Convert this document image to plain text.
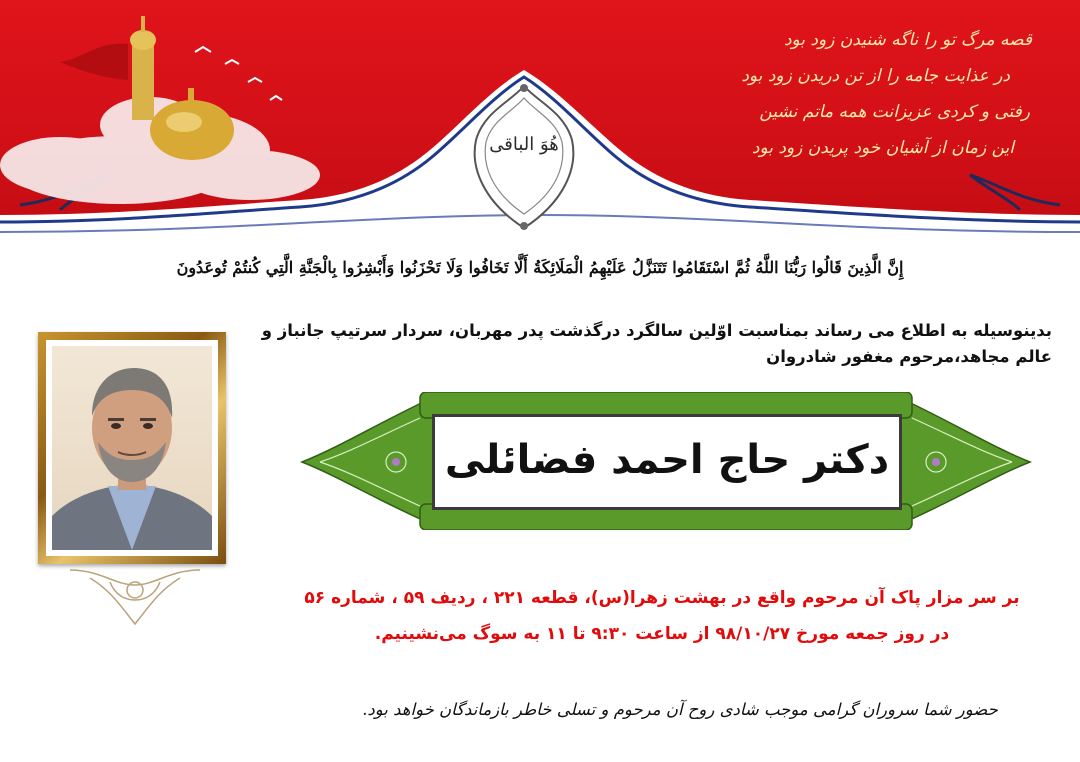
قصه مرگ تو را ناگه شنیدن زود بود
در عذایت جامه را از تن دریدن زود بود
رفتی و کردی عزیزانت همه ماتم نشین
این زمان از آشیان خود پریدن زود بود
هُوَ الباقی
إِنَّ الَّذِينَ قَالُوا رَبُّنَا اللَّهُ ثُمَّ اسْتَقَامُوا تَتَنَزَّلُ عَلَيْهِمُ الْمَلَائِكَةُ أَلَّا تَخَافُوا وَلَا تَحْزَنُوا وَأَبْشِرُوا بِالْجَنَّةِ الَّتِي كُنتُمْ تُوعَدُونَ
بدینوسیله به اطلاع می رساند بمناسبت اوّلین سالگرد درگذشت پدر مهربان، سردار سرتیپ جانباز و
عالم مجاهد،مرحوم مغفور شادروان
دکتر حاج احمد فضائلی
بر سر مزار پاک آن مرحوم واقع در بهشت زهرا(س)، قطعه ۲۲۱ ، ردیف ۵۹ ، شماره ۵۶
در روز جمعه مورخ ۹۸/۱۰/۲۷ از ساعت ۹:۳۰ تا ۱۱ به سوگ می‌نشینیم.
حضور شما سروران گرامی موجب شادی روح آن مرحوم و تسلی خاطر بازماندگان خواهد بود.
